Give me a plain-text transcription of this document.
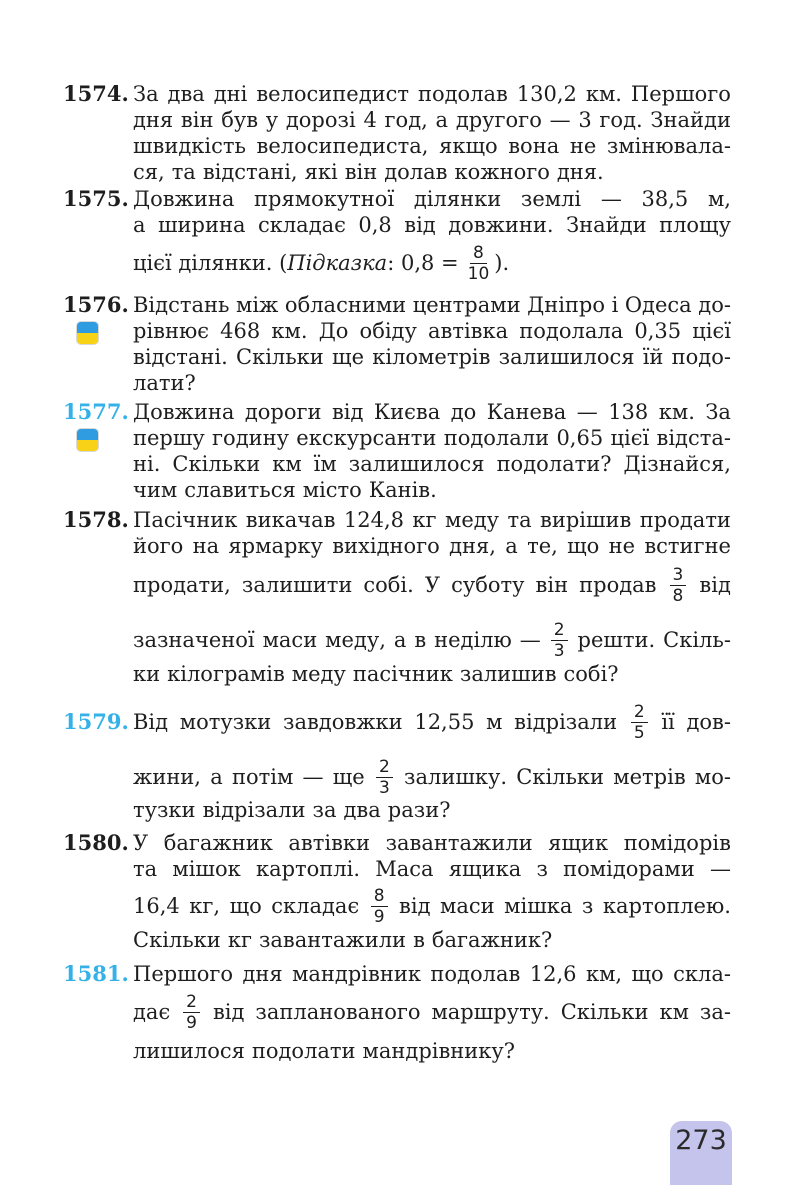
1574. За два дні велосипедист подолав 130,2 км. Першого
дня він був у дорозі 4 год, а другого — 3 год. Знайди
швидкість велосипедиста, якщо вона не змінювала-
ся, та відстані, які він долав кожного дня.
1575. Довжина прямокутної ділянки землі — 38,5 м,
а ширина складає 0,8 від довжини. Знайди площу
цієї ділянки. ( Підказка : $0,8 = \frac{8}{10}$ ).
1576. Відстань між обласними центрами Дніпро і Одеса до-
рівнює 468 км. До обіду автівка подолала 0,35 цієї
відстані. Скільки ще кілометрів залишилося їй подо-
лати?
1577. Довжина дороги від Києва до Канева — 138 км. За
першу годину екскурсанти подолали 0,65 цієї відста-
ні. Скільки км їм залишилося подолати? Дізнайся,
чим славиться місто Канів.
1578. Пасічник викачав 124,8 кг меду та вирішив продати
його на ярмарку вихідного дня, а те, що не встигне
продати, залишити собі. У суботу він продав $\frac{3}{8}$ від
зазначеної маси меду, а в неділю — $\frac{2}{3}$ решти. Скіль-
ки кілограмів меду пасічник залишив собі?
1579. Від мотузки завдовжки 12,55 м відрізали $\frac{2}{5}$ її дов-
жини, а потім — ще $\frac{2}{3}$ залишку. Скільки метрів мо-
тузки відрізали за два рази?
1580. У багажник автівки завантажили ящик помідорів
та мішок картоплі. Маса ящика з помідорами —
16,4 кг, що складає $\frac{8}{9}$ від маси мішка з картоплею.
Скільки кг завантажили в багажник?
1581. Першого дня мандрівник подолав 12,6 км, що скла-
дає $\frac{2}{9}$ від запланованого маршруту. Скільки км за-
лишилося подолати мандрівнику?
273
